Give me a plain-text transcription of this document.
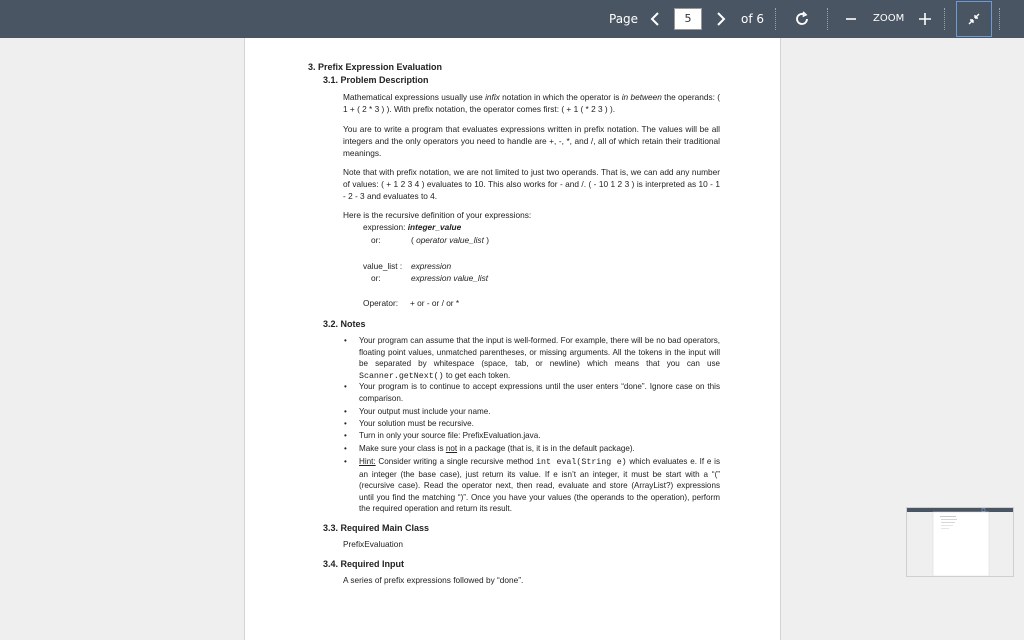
Page	5	of 6	ZOOM
3. Prefix Expression Evaluation
3.1. Problem Description
Mathematical expressions usually use infix notation in which the operator is in between the operands: ( 1 + ( 2 * 3 ) ). With prefix notation, the operator comes first: ( + 1 ( * 2 3 ) ).
You are to write a program that evaluates expressions written in prefix notation. The values will be all integers and the only operators you need to handle are +, -, *, and /, all of which retain their traditional meanings.
Note that with prefix notation, we are not limited to just two operands. That is, we can add any number of values: ( + 1 2 3 4 ) evaluates to 10. This also works for - and /. ( - 10 1 2 3 ) is interpreted as 10 - 1 - 2 - 3 and evaluates to 4.
Here is the recursive definition of your expressions:
expression: integer_value
or:	( operator value_list )
value_list : expression
or:	expression value_list
Operator: + or - or / or *
3.2. Notes
• Your program can assume that the input is well-formed. For example, there will be no bad operators, floating point values, unmatched parentheses, or missing arguments. All the tokens in the input will be separated by whitespace (space, tab, or newline) which means that you can use Scanner.getNext() to get each token.
• Your program is to continue to accept expressions until the user enters “done”. Ignore case on this comparison.
• Your output must include your name.
• Your solution must be recursive.
• Turn in only your source file: PrefixEvaluation.java.
• Make sure your class is not in a package (that is, it is in the default package).
• Hint: Consider writing a single recursive method int eval(String e) which evaluates e. If e is an integer (the base case), just return its value. If e isn’t an integer, it must be start with a “(” (recursive case). Read the operator next, then read, evaluate and store (ArrayList?) expressions until you find the matching “)”. Once you have your values (the operands to the operation), perform the required operation and return its result.
3.3. Required Main Class
PrefixEvaluation
3.4. Required Input
A series of prefix expressions followed by “done”.
